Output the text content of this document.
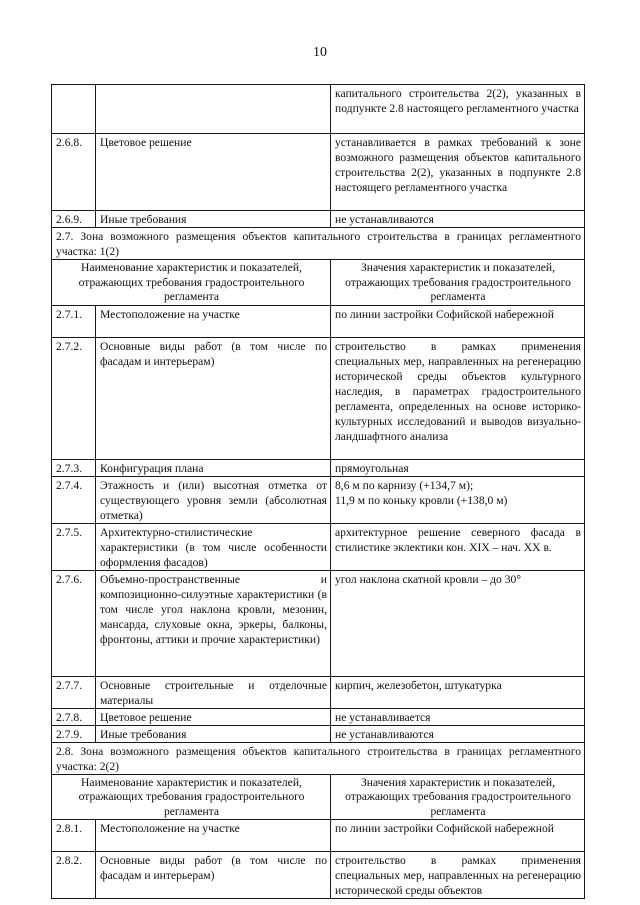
10
		капитального строительства 2(2), указанных в подпункте 2.8 настоящего регламентного участка
2.6.8.	Цветовое решение	устанавливается в рамках требований к зоне возможного размещения объектов капитального строительства 2(2), указанных в подпункте 2.8 настоящего регламентного участка
2.6.9.	Иные требования	не устанавливаются
2.7. Зона возможного размещения объектов капитального строительства в границах регламентного участка: 1(2)		
Наименование характеристик и показателей, отражающих требования градостроительного регламента		Значения характеристик и показателей, отражающих требования градостроительного регламента
2.7.1.	Местоположение на участке	по линии застройки Софийской набережной
2.7.2.	Основные виды работ (в том числе по фасадам и интерьерам)	строительство в рамках применения специальных мер, направленных на регенерацию исторической среды объектов культурного наследия, в параметрах градостроительного регламента, определенных на основе историко-культурных исследований и выводов визуально-ландшафтного анализа
2.7.3.	Конфигурация плана	прямоугольная
2.7.4.	Этажность и (или) высотная отметка от существующего уровня земли (абсолютная отметка)	8,6 м по карнизу (+134,7 м);
11,9 м по коньку кровли (+138,0 м)

2.7.5.	Архитектурно-стилистические характеристики (в том числе особенности оформления фасадов)	архитектурное решение северного фасада в стилистике эклектики кон. XIX – нач. XX в.
2.7.6.	Объемно-пространственные и композиционно-силуэтные характеристики (в том числе угол наклона кровли, мезонин, мансарда, слуховые окна, эркеры, балконы, фронтоны, аттики и прочие характеристики)	угол наклона скатной кровли – до 30°
2.7.7.	Основные строительные и отделочные материалы	кирпич, железобетон, штукатурка
2.7.8.	Цветовое решение	не устанавливается
2.7.9.	Иные требования	не устанавливаются
2.8. Зона возможного размещения объектов капитального строительства в границах регламентного участка: 2(2)		
Наименование характеристик и показателей, отражающих требования градостроительного регламента		Значения характеристик и показателей, отражающих требования градостроительного регламента
2.8.1.	Местоположение на участке	по линии застройки Софийской набережной
2.8.2.	Основные виды работ (в том числе по фасадам и интерьерам)	строительство в рамках применения специальных мер, направленных на регенерацию исторической среды объектов
